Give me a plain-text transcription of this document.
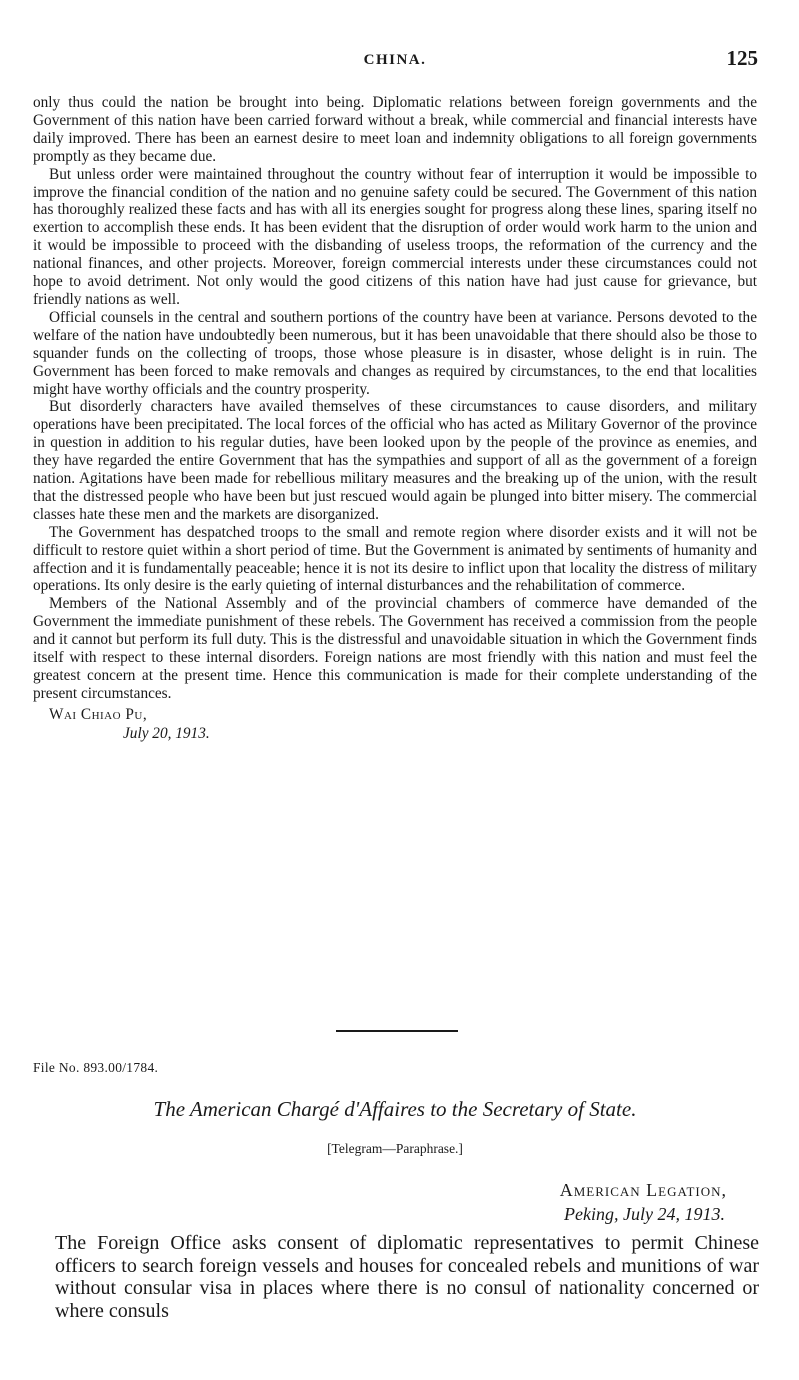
CHINA.	125

only thus could the nation be brought into being. Diplomatic relations between foreign governments and the Government of this nation have been carried forward without a break, while commercial and financial interests have daily improved. There has been an earnest desire to meet loan and indemnity obligations to all foreign governments promptly as they became due.

But unless order were maintained throughout the country without fear of interruption it would be impossible to improve the financial condition of the nation and no genuine safety could be secured. The Government of this nation has thoroughly realized these facts and has with all its energies sought for progress along these lines, sparing itself no exertion to accomplish these ends. It has been evident that the disruption of order would work harm to the union and it would be impossible to proceed with the disbanding of useless troops, the reformation of the currency and the national finances, and other projects. Moreover, foreign commercial interests under these circumstances could not hope to avoid detriment. Not only would the good citizens of this nation have had just cause for grievance, but friendly nations as well.

Official counsels in the central and southern portions of the country have been at variance. Persons devoted to the welfare of the nation have undoubtedly been numerous, but it has been unavoidable that there should also be those to squander funds on the collecting of troops, those whose pleasure is in disaster, whose delight is in ruin. The Government has been forced to make removals and changes as required by circumstances, to the end that localities might have worthy officials and the country prosperity.

But disorderly characters have availed themselves of these circumstances to cause disorders, and military operations have been precipitated. The local forces of the official who has acted as Military Governor of the province in question in addition to his regular duties, have been looked upon by the people of the province as enemies, and they have regarded the entire Government that has the sympathies and support of all as the government of a foreign nation. Agitations have been made for rebellious military measures and the breaking up of the union, with the result that the distressed people who have been but just rescued would again be plunged into bitter misery. The commercial classes hate these men and the markets are disorganized.

The Government has despatched troops to the small and remote region where disorder exists and it will not be difficult to restore quiet within a short period of time. But the Government is animated by sentiments of humanity and affection and it is fundamentally peaceable; hence it is not its desire to inflict upon that locality the distress of military operations. Its only desire is the early quieting of internal disturbances and the rehabilitation of commerce.

Members of the National Assembly and of the provincial chambers of commerce have demanded of the Government the immediate punishment of these rebels. The Government has received a commission from the people and it cannot but perform its full duty. This is the distressful and unavoidable situation in which the Government finds itself with respect to these internal disorders. Foreign nations are most friendly with this nation and must feel the greatest concern at the present time. Hence this communication is made for their complete understanding of the present circumstances.

Wai Chiao Pu,
July 20, 1913.
File No. 893.00/1784.
The American Chargé d'Affaires to the Secretary of State.
[Telegram—Paraphrase.]
American Legation,
Peking, July 24, 1913.

The Foreign Office asks consent of diplomatic representatives to permit Chinese officers to search foreign vessels and houses for concealed rebels and munitions of war without consular visa in places where there is no consul of nationality concerned or where consuls
